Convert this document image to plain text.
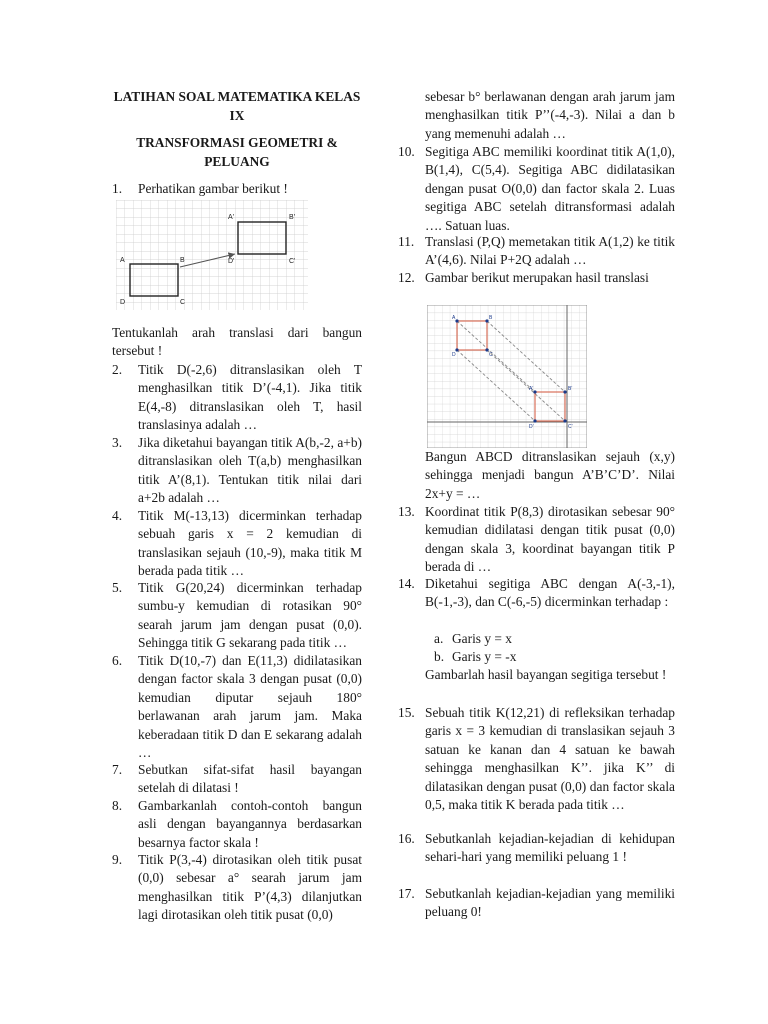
LATIHAN SOAL MATEMATIKA KELAS IX
TRANSFORMASI GEOMETRI & PELUANG
1.	Perhatikan gambar berikut !
A	B
D	C
A'	B'
D'	C'
Tentukanlah arah translasi dari bangun tersebut !
2.	Titik D(-2,6) ditranslasikan oleh T menghasilkan titik D’(-4,1). Jika titik E(4,-8) ditranslasikan oleh T, hasil translasinya adalah …
3.	Jika diketahui bayangan titik A(b,-2, a+b) ditranslasikan oleh T(a,b) menghasilkan titik A’(8,1). Tentukan titik nilai dari a+2b adalah …
4.	Titik M(-13,13) dicerminkan terhadap sebuah garis x = 2 kemudian di translasikan sejauh (10,-9), maka titik M berada pada titik …
5.	Titik G(20,24) dicerminkan terhadap sumbu-y kemudian di rotasikan 90° searah jarum jam dengan pusat (0,0). Sehingga titik G sekarang pada titik …
6.	Titik D(10,-7) dan E(11,3) didilatasikan dengan factor skala 3 dengan pusat (0,0) kemudian diputar sejauh 180° berlawanan arah jarum jam. Maka keberadaan titik D dan E sekarang adalah …
7.	Sebutkan sifat-sifat hasil bayangan setelah di dilatasi !
8.	Gambarkanlah contoh-contoh bangun asli dengan bayangannya berdasarkan besarnya factor skala !
9.	Titik P(3,-4) dirotasikan oleh titik pusat (0,0) sebesar a° searah jarum jam menghasilkan titik P’(4,3) dilanjutkan lagi dirotasikan oleh titik pusat (0,0)
sebesar b° berlawanan dengan arah jarum jam menghasilkan titik P’’(-4,-3). Nilai a dan b yang memenuhi adalah …
10. Segitiga ABC memiliki koordinat titik A(1,0), B(1,4), C(5,4). Segitiga ABC didilatasikan dengan pusat O(0,0) dan factor skala 2. Luas segitiga ABC setelah ditransformasi adalah …. Satuan luas.
11. Translasi (P,Q) memetakan titik A(1,2) ke titik A’(4,6). Nilai P+2Q adalah …
12. Gambar berikut merupakan hasil translasi
A	B
D	C
A'	B'
D'	C'
Bangun ABCD ditranslasikan sejauh (x,y) sehingga menjadi bangun A’B’C’D’. Nilai 2x+y = …
13. Koordinat titik P(8,3) dirotasikan sebesar 90° kemudian didilatasi dengan titik pusat (0,0) dengan skala 3, koordinat bayangan titik P berada di …
14. Diketahui segitiga ABC dengan A(-3,-1), B(-1,-3), dan C(-6,-5) dicerminkan terhadap :
a. Garis y = x
b. Garis y = -x
Gambarlah hasil bayangan segitiga tersebut !
15. Sebuah titik K(12,21) di refleksikan terhadap garis x = 3 kemudian di translasikan sejauh 3 satuan ke kanan dan 4 satuan ke bawah sehingga menghasilkan K’’. jika K’’ di dilatasikan dengan pusat (0,0) dan factor skala 0,5, maka titik K berada pada titik …
16. Sebutkanlah kejadian-kejadian di kehidupan sehari-hari yang memiliki peluang 1 !
17. Sebutkanlah kejadian-kejadian yang memiliki peluang 0!
